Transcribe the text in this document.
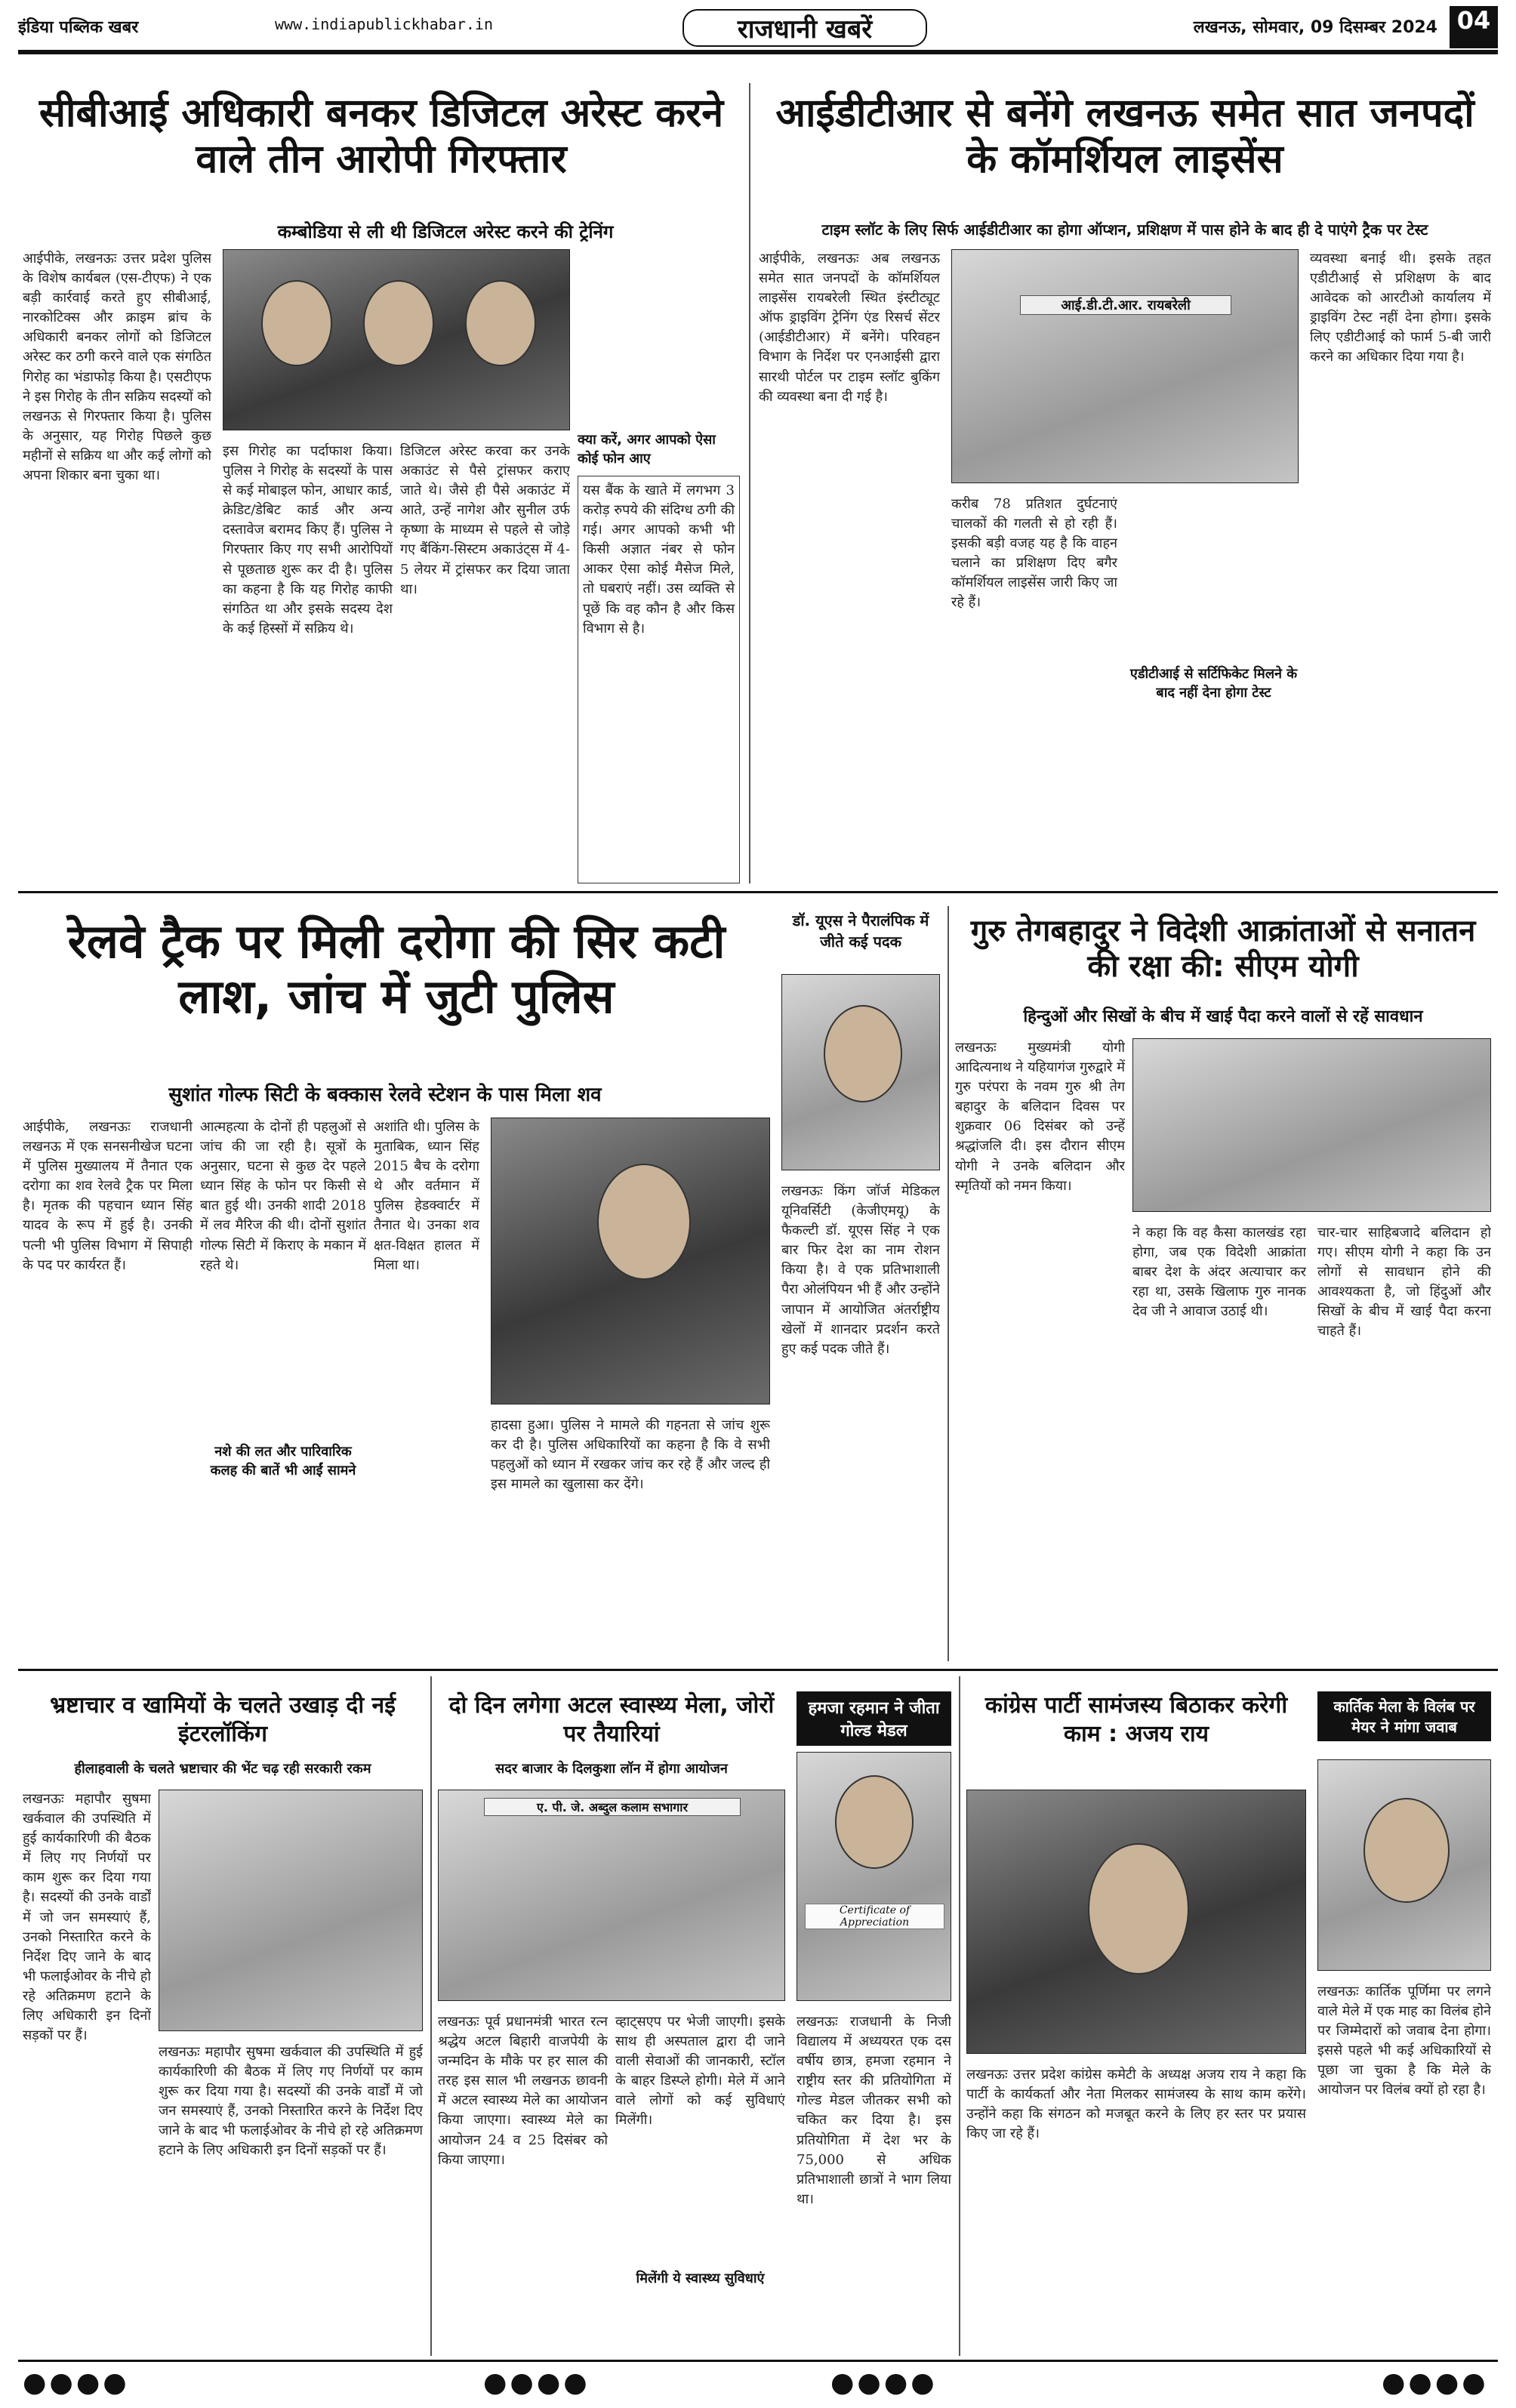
इंडिया पब्लिक खबर	www.indiapublickhabar.in	राजधानी खबरें	लखनऊ, सोमवार, 09 दिसम्बर 2024 04
सीबीआई अधिकारी बनकर डिजिटल अरेस्ट करने वाले तीन आरोपी गिरफ्तार
कम्बोडिया से ली थी डिजिटल अरेस्ट करने की ट्रेनिंग
आईपीके, लखनऊः उत्तर प्रदेश पुलिस के विशेष कार्यबल (एस-टीएफ) ने एक बड़ी कार्रवाई करते हुए सीबीआई, नारकोटिक्स और क्राइम ब्रांच के अधिकारी बनकर लोगों को डिजिटल अरेस्ट कर ठगी करने वाले एक संगठित गिरोह का भंडाफोड़ किया है। एसटीएफ ने इस गिरोह के तीन सक्रिय सदस्यों को लखनऊ से गिरफ्तार किया है। पुलिस के अनुसार, यह गिरोह पिछले कुछ महीनों से सक्रिय था और कई लोगों को अपना शिकार बना चुका था।
इस गिरोह का पर्दाफाश किया। पुलिस ने गिरोह के सदस्यों के पास से कई मोबाइल फोन, आधार कार्ड, क्रेडिट/डेबिट कार्ड और अन्य दस्तावेज बरामद किए हैं। पुलिस ने गिरफ्तार किए गए सभी आरोपियों से पूछताछ शुरू कर दी है। पुलिस का कहना है कि यह गिरोह काफी संगठित था और इसके सदस्य देश के कई हिस्सों में सक्रिय थे।
डिजिटल अरेस्ट करवा कर उनके अकाउंट से पैसे ट्रांसफर कराए जाते थे। जैसे ही पैसे अकाउंट में आते, उन्हें नागेश और सुनील उर्फ कृष्णा के माध्यम से पहले से जोड़े गए बैंकिंग-सिस्टम अकाउंट्स में 4-5 लेयर में ट्रांसफर कर दिया जाता था।
क्या करें, अगर आपको ऐसा कोई फोन आए
यस बैंक के खाते में लगभग 3 करोड़ रुपये की संदिग्ध ठगी की गई। अगर आपको कभी भी किसी अज्ञात नंबर से फोन आकर ऐसा कोई मैसेज मिले, तो घबराएं नहीं। उस व्यक्ति से पूछें कि वह कौन है और किस विभाग से है।
आईडीटीआर से बनेंगे लखनऊ समेत सात जनपदों के कॉमर्शियल लाइसेंस
टाइम स्लॉट के लिए सिर्फ आईडीटीआर का होगा ऑप्शन, प्रशिक्षण में पास होने के बाद ही दे पाएंगे ट्रैक पर टेस्ट
आईपीके, लखनऊः अब लखनऊ समेत सात जनपदों के कॉमर्शियल लाइसेंस रायबरेली स्थित इंस्टीट्यूट ऑफ ड्राइविंग ट्रेनिंग एंड रिसर्च सेंटर (आईडीटीआर) में बनेंगे। परिवहन विभाग के निर्देश पर एनआईसी द्वारा सारथी पोर्टल पर टाइम स्लॉट बुकिंग की व्यवस्था बना दी गई है।
आई.डी.टी.आर. रायबरेली
करीब 78 प्रतिशत दुर्घटनाएं चालकों की गलती से हो रही हैं। इसकी बड़ी वजह यह है कि वाहन चलाने का प्रशिक्षण दिए बगैर कॉमर्शियल लाइसेंस जारी किए जा रहे हैं।
एडीटीआई से सर्टिफिकेट मिलने के बाद नहीं देना होगा टेस्ट
व्यवस्था बनाई थी। इसके तहत एडीटीआई से प्रशिक्षण के बाद आवेदक को आरटीओ कार्यालय में ड्राइविंग टेस्ट नहीं देना होगा। इसके लिए एडीटीआई को फार्म 5-बी जारी करने का अधिकार दिया गया है।
रेलवे ट्रैक पर मिली दरोगा की सिर कटी लाश, जांच में जुटी पुलिस
सुशांत गोल्फ सिटी के बक्कास रेलवे स्टेशन के पास मिला शव
आईपीके, लखनऊः राजधानी लखनऊ में एक सनसनीखेज घटना में पुलिस मुख्यालय में तैनात एक दरोगा का शव रेलवे ट्रैक पर मिला है। मृतक की पहचान ध्यान सिंह यादव के रूप में हुई है। उनकी पत्नी भी पुलिस विभाग में सिपाही के पद पर कार्यरत हैं।
आत्महत्या के दोनों ही पहलुओं से जांच की जा रही है। सूत्रों के अनुसार, घटना से कुछ देर पहले ध्यान सिंह के फोन पर किसी से बात हुई थी। उनकी शादी 2018 में लव मैरिज की थी। दोनों सुशांत गोल्फ सिटी में किराए के मकान में रहते थे।
नशे की लत और पारिवारिक कलह की बातें भी आईं सामने
अशांति थी। पुलिस के मुताबिक, ध्यान सिंह 2015 बैच के दरोगा थे और वर्तमान में पुलिस हेडक्वार्टर में तैनात थे। उनका शव क्षत-विक्षत हालत में मिला था।
हादसा हुआ। पुलिस ने मामले की गहनता से जांच शुरू कर दी है। पुलिस अधिकारियों का कहना है कि वे सभी पहलुओं को ध्यान में रखकर जांच कर रहे हैं और जल्द ही इस मामले का खुलासा कर देंगे।
डॉ. यूएस ने पैरालंपिक में जीते कई पदक
लखनऊः किंग जॉर्ज मेडिकल यूनिवर्सिटी (केजीएमयू) के फैकल्टी डॉ. यूएस सिंह ने एक बार फिर देश का नाम रोशन किया है। वे एक प्रतिभाशाली पैरा ओलंपियन भी हैं और उन्होंने जापान में आयोजित अंतर्राष्ट्रीय खेलों में शानदार प्रदर्शन करते हुए कई पदक जीते हैं।
गुरु तेगबहादुर ने विदेशी आक्रांताओं से सनातन की रक्षा की: सीएम योगी
हिन्दुओं और सिखों के बीच में खाई पैदा करने वालों से रहें सावधान
लखनऊः मुख्यमंत्री योगी आदित्यनाथ ने यहियागंज गुरुद्वारे में गुरु परंपरा के नवम गुरु श्री तेग बहादुर के बलिदान दिवस पर शुक्रवार 06 दिसंबर को उन्हें श्रद्धांजलि दी। इस दौरान सीएम योगी ने उनके बलिदान और स्मृतियों को नमन किया।
ने कहा कि वह कैसा कालखंड रहा होगा, जब एक विदेशी आक्रांता बाबर देश के अंदर अत्याचार कर रहा था, उसके खिलाफ गुरु नानक देव जी ने आवाज उठाई थी।
चार-चार साहिबजादे बलिदान हो गए। सीएम योगी ने कहा कि उन लोगों से सावधान होने की आवश्यकता है, जो हिंदुओं और सिखों के बीच में खाई पैदा करना चाहते हैं।
भ्रष्टाचार व खामियों के चलते उखाड़ दी नई इंटरलॉकिंग
हीलाहवाली के चलते भ्रष्टाचार की भेंट चढ़ रही सरकारी रकम
लखनऊः महापौर सुषमा खर्कवाल की उपस्थिति में हुई कार्यकारिणी की बैठक में लिए गए निर्णयों पर काम शुरू कर दिया गया है। सदस्यों की उनके वार्डों में जो जन समस्याएं हैं, उनको निस्तारित करने के निर्देश दिए जाने के बाद भी फलाईओवर के नीचे हो रहे अतिक्रमण हटाने के लिए अधिकारी इन दिनों सड़कों पर हैं।
लखनऊः महापौर सुषमा खर्कवाल की उपस्थिति में हुई कार्यकारिणी की बैठक में लिए गए निर्णयों पर काम शुरू कर दिया गया है। सदस्यों की उनके वार्डों में जो जन समस्याएं हैं, उनको निस्तारित करने के निर्देश दिए जाने के बाद भी फलाईओवर के नीचे हो रहे अतिक्रमण हटाने के लिए अधिकारी इन दिनों सड़कों पर हैं।
दो दिन लगेगा अटल स्वास्थ्य मेला, जोरों पर तैयारियां
सदर बाजार के दिलकुशा लॉन में होगा आयोजन
ए. पी. जे. अब्दुल कलाम सभागार
लखनऊः पूर्व प्रधानमंत्री भारत रत्न श्रद्धेय अटल बिहारी वाजपेयी के जन्मदिन के मौके पर हर साल की तरह इस साल भी लखनऊ छावनी में अटल स्वास्थ्य मेले का आयोजन किया जाएगा। स्वास्थ्य मेले का आयोजन 24 व 25 दिसंबर को किया जाएगा।
व्हाट्सएप पर भेजी जाएगी। इसके साथ ही अस्पताल द्वारा दी जाने वाली सेवाओं की जानकारी, स्टॉल के बाहर डिस्प्ले होगी। मेले में आने वाले लोगों को कई सुविधाएं मिलेंगी।
मिलेंगी ये स्वास्थ्य सुविधाएं
हमजा रहमान ने जीता गोल्ड मेडल
Certificate of Appreciation
लखनऊः राजधानी के निजी विद्यालय में अध्ययरत एक दस वर्षीय छात्र, हमजा रहमान ने राष्ट्रीय स्तर की प्रतियोगिता में गोल्ड मेडल जीतकर सभी को चकित कर दिया है। इस प्रतियोगिता में देश भर के 75,000 से अधिक प्रतिभाशाली छात्रों ने भाग लिया था।
कांग्रेस पार्टी सामंजस्य बिठाकर करेगी काम : अजय राय
लखनऊः उत्तर प्रदेश कांग्रेस कमेटी के अध्यक्ष अजय राय ने कहा कि पार्टी के कार्यकर्ता और नेता मिलकर सामंजस्य के साथ काम करेंगे। उन्होंने कहा कि संगठन को मजबूत करने के लिए हर स्तर पर प्रयास किए जा रहे हैं।
कार्तिक मेला के विलंब पर मेयर ने मांगा जवाब
लखनऊः कार्तिक पूर्णिमा पर लगने वाले मेले में एक माह का विलंब होने पर जिम्मेदारों को जवाब देना होगा। इससे पहले भी कई अधिकारियों से पूछा जा चुका है कि मेले के आयोजन पर विलंब क्यों हो रहा है।
●●●●	●●●●	●●●●	●●●●
